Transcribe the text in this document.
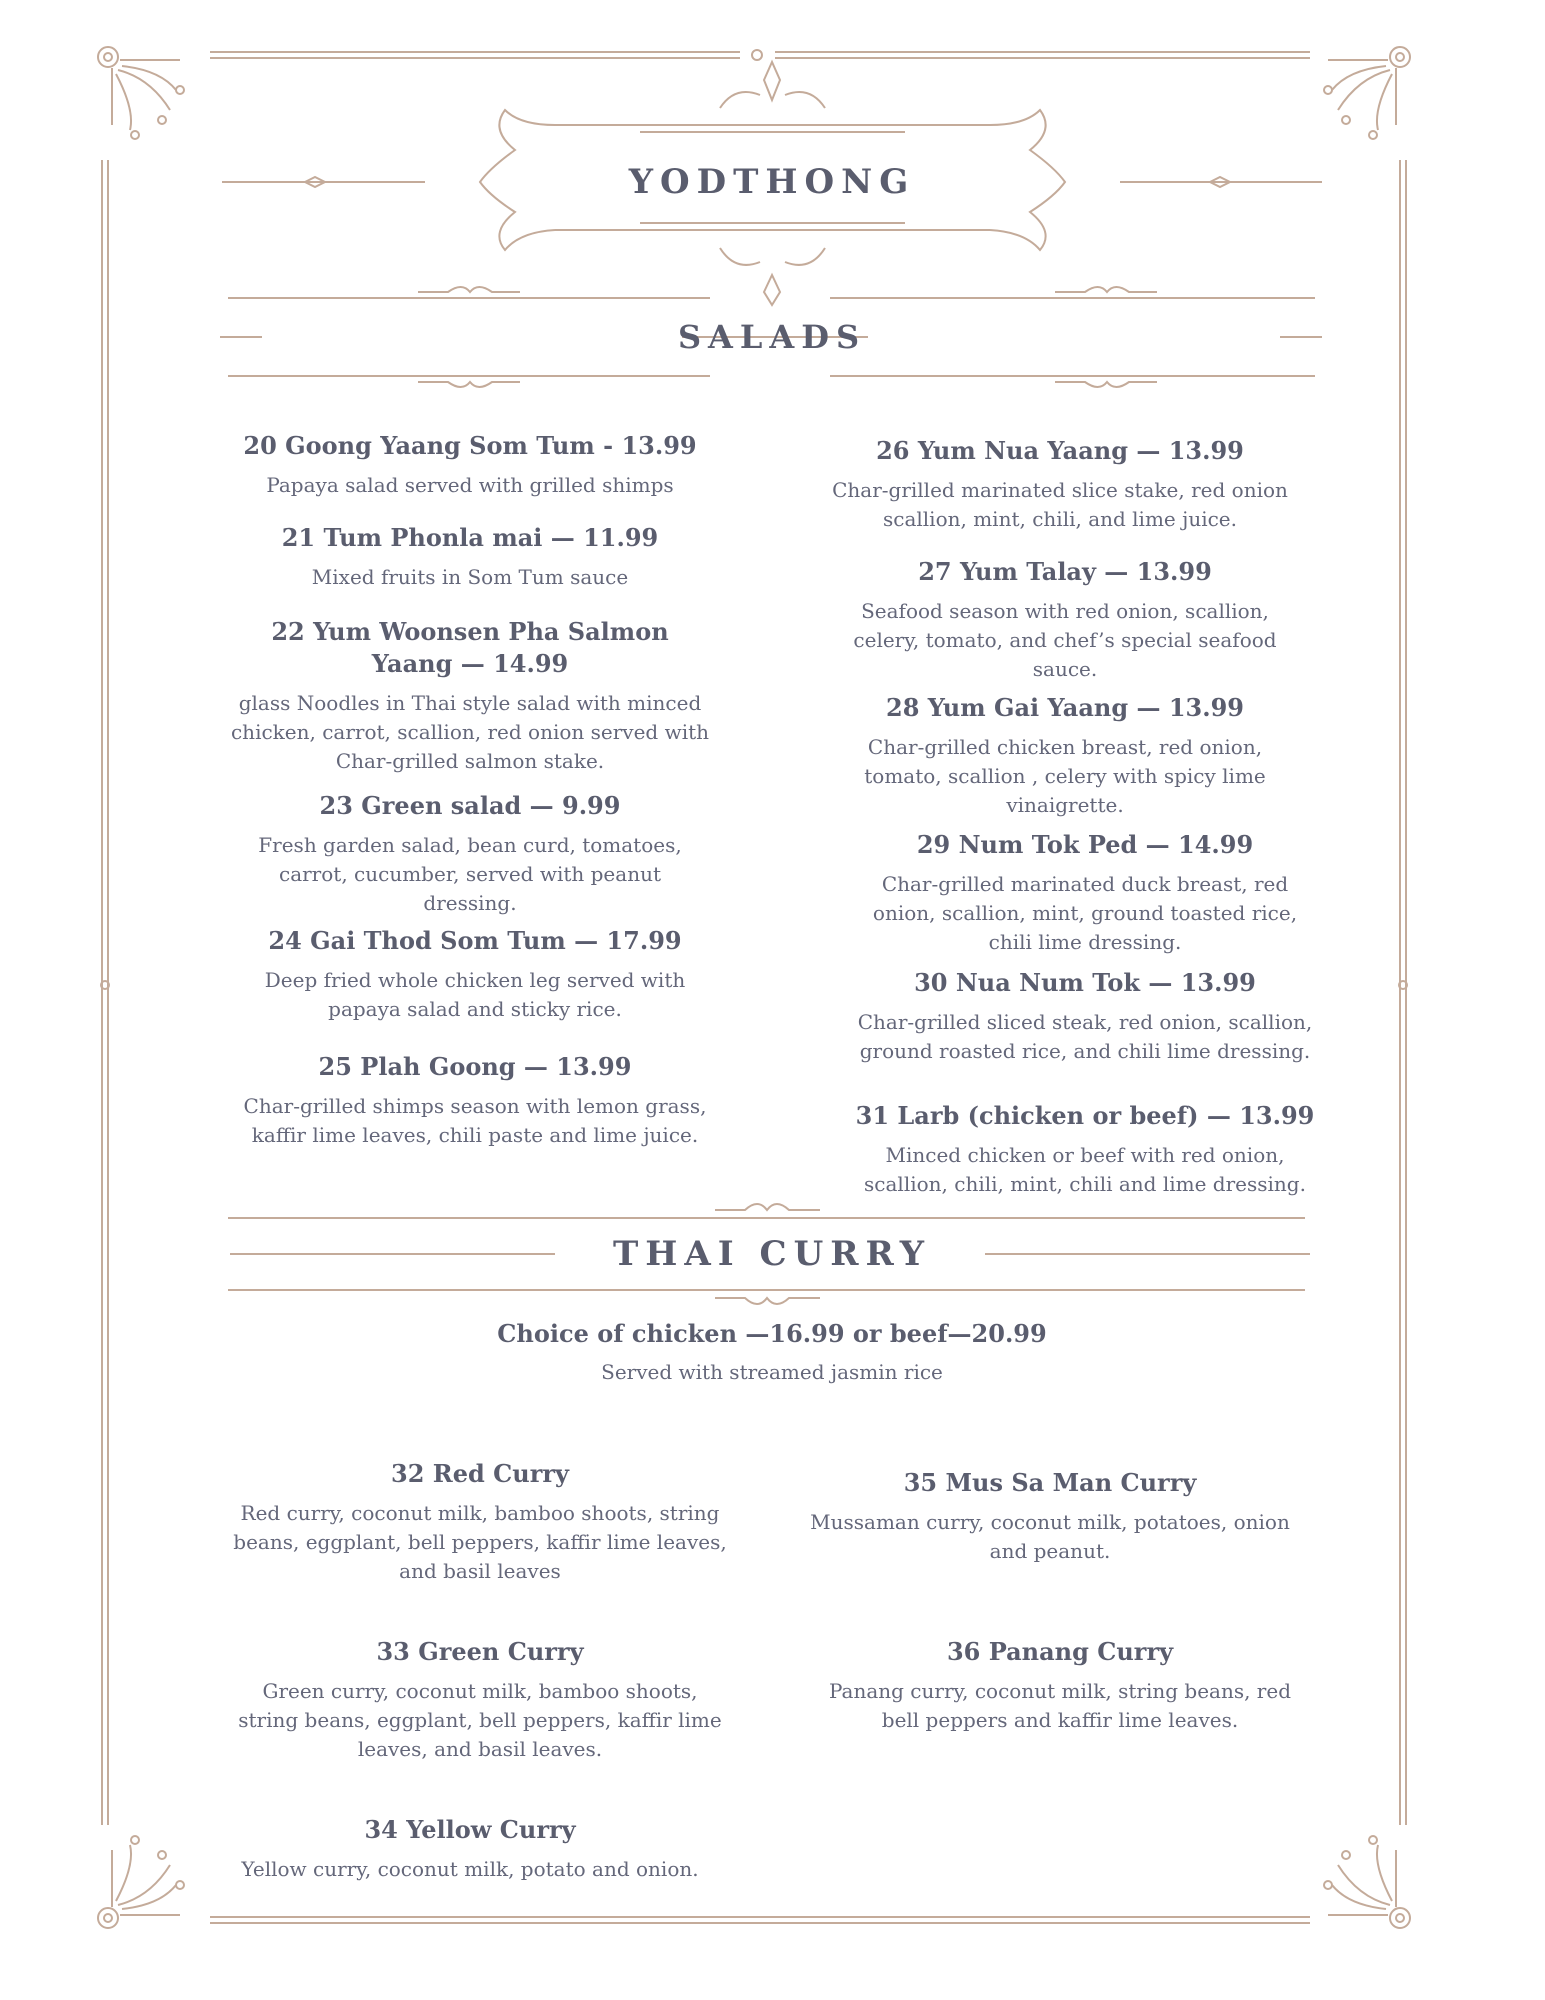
YODTHONG
SALADS
THAI CURRY
20 Goong Yaang Som Tum - 13.99
Papaya salad served with grilled shimps
21 Tum Phonla mai — 11.99
Mixed fruits in Som Tum sauce
22 Yum Woonsen Pha Salmon Yaang — 14.99
glass Noodles in Thai style salad with minced chicken, carrot, scallion, red onion served with Char-grilled salmon stake.
23 Green salad — 9.99
Fresh garden salad, bean curd, tomatoes, carrot, cucumber, served with peanut dressing.
24 Gai Thod Som Tum — 17.99
Deep fried whole chicken leg served with papaya salad and sticky rice.
25 Plah Goong — 13.99
Char-grilled shimps season with lemon grass, kaffir lime leaves, chili paste and lime juice.
26 Yum Nua Yaang — 13.99
Char-grilled marinated slice stake, red onion scallion, mint, chili, and lime juice.
27 Yum Talay — 13.99
Seafood season with red onion, scallion, celery, tomato, and chef’s special seafood sauce.
28 Yum Gai Yaang — 13.99
Char-grilled chicken breast, red onion, tomato, scallion , celery with spicy lime vinaigrette.
29 Num Tok Ped — 14.99
Char-grilled marinated duck breast, red onion, scallion, mint, ground toasted rice, chili lime dressing.
30 Nua Num Tok — 13.99
Char-grilled sliced steak, red onion, scallion, ground roasted rice, and chili lime dressing.
31 Larb (chicken or beef) — 13.99
Minced chicken or beef with red onion, scallion, chili, mint, chili and lime dressing.
Choice of chicken —16.99 or beef—20.99
Served with streamed jasmin rice
32 Red Curry
Red curry, coconut milk, bamboo shoots, string beans, eggplant, bell peppers, kaffir lime leaves, and basil leaves
33 Green Curry
Green curry, coconut milk, bamboo shoots, string beans, eggplant, bell peppers, kaffir lime leaves, and basil leaves.
34 Yellow Curry
Yellow curry, coconut milk, potato and onion.
35 Mus Sa Man Curry
Mussaman curry, coconut milk, potatoes, onion and peanut.
36 Panang Curry
Panang curry, coconut milk, string beans, red bell peppers and kaffir lime leaves.
